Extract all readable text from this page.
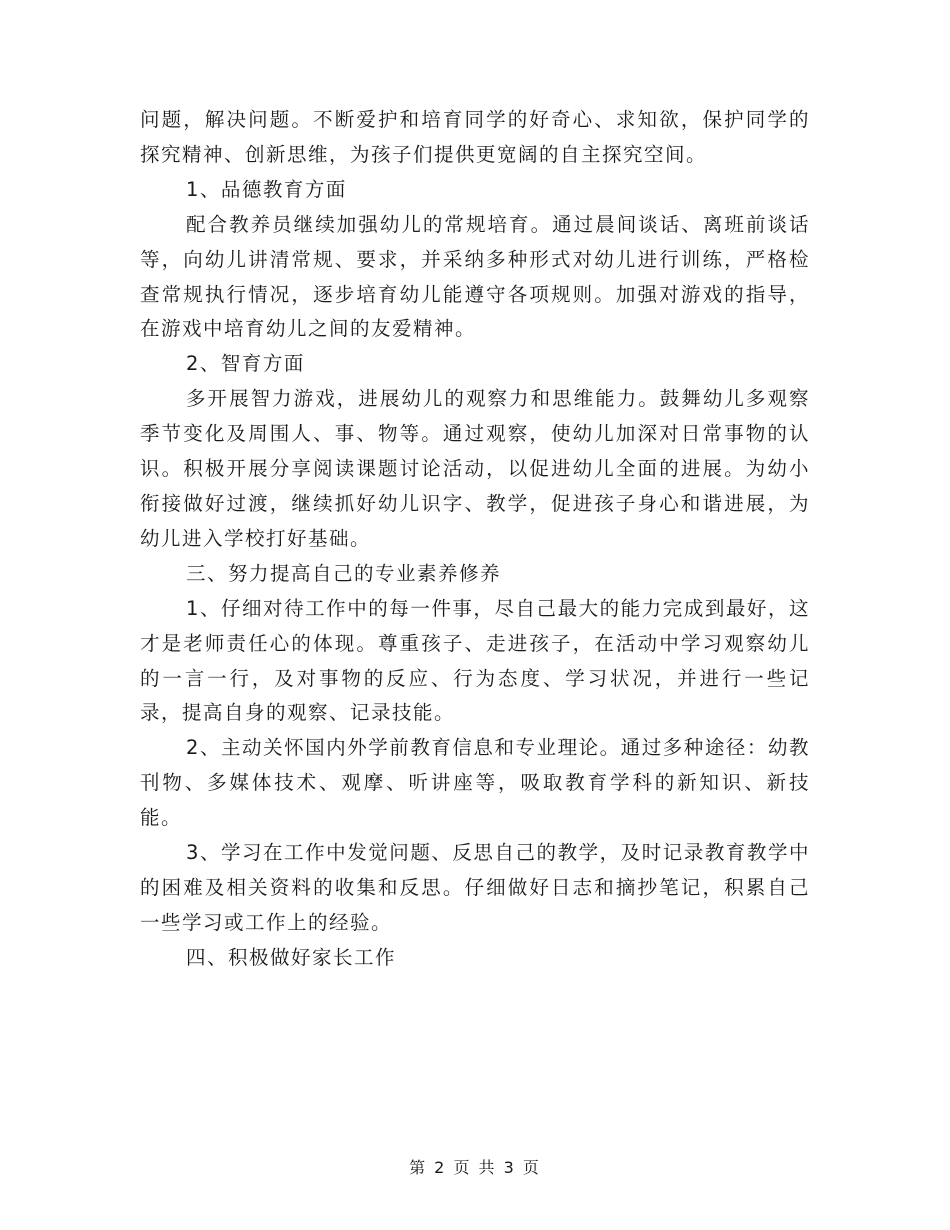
问题，解决问题。不断爱护和培育同学的好奇心、求知欲，保护同学的探究精神、创新思维，为孩子们提供更宽阔的自主探究空间。

1、品德教育方面

配合教养员继续加强幼儿的常规培育。通过晨间谈话、离班前谈话等，向幼儿讲清常规、要求，并采纳多种形式对幼儿进行训练，严格检查常规执行情况，逐步培育幼儿能遵守各项规则。加强对游戏的指导，在游戏中培育幼儿之间的友爱精神。

2、智育方面

多开展智力游戏，进展幼儿的观察力和思维能力。鼓舞幼儿多观察季节变化及周围人、事、物等。通过观察，使幼儿加深对日常事物的认识。积极开展分享阅读课题讨论活动，以促进幼儿全面的进展。为幼小衔接做好过渡，继续抓好幼儿识字、教学，促进孩子身心和谐进展，为幼儿进入学校打好基础。

三、努力提高自己的专业素养修养

1、仔细对待工作中的每一件事，尽自己最大的能力完成到最好，这才是老师责任心的体现。尊重孩子、走进孩子，在活动中学习观察幼儿的一言一行，及对事物的反应、行为态度、学习状况，并进行一些记录，提高自身的观察、记录技能。

2、主动关怀国内外学前教育信息和专业理论。通过多种途径：幼教刊物、多媒体技术、观摩、听讲座等，吸取教育学科的新知识、新技能。

3、学习在工作中发觉问题、反思自己的教学，及时记录教育教学中的困难及相关资料的收集和反思。仔细做好日志和摘抄笔记，积累自己一些学习或工作上的经验。

四、积极做好家长工作

第 2 页 共 3 页
